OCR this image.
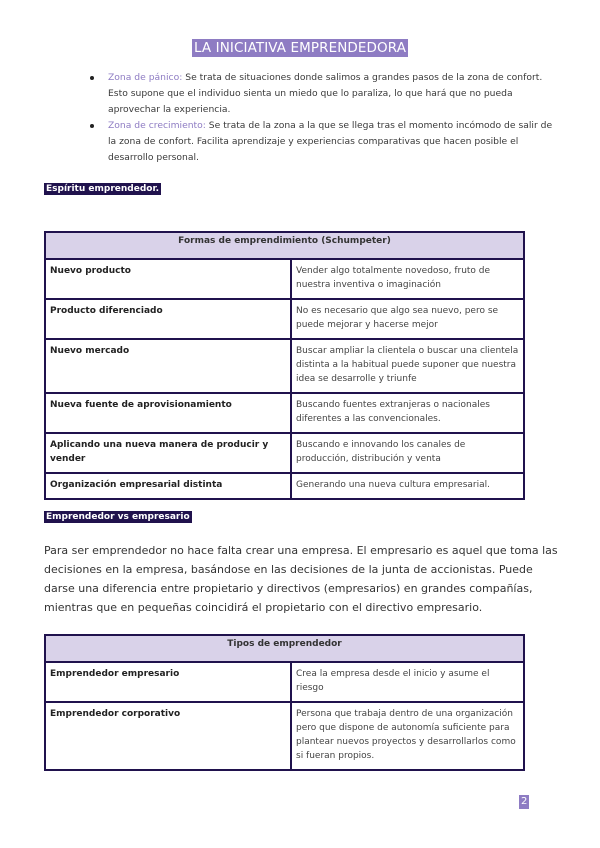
LA INICIATIVA EMPRENDEDORA
Zona de pánico: Se trata de situaciones donde salimos a grandes pasos de la zona de confort. Esto supone que el individuo sienta un miedo que lo paraliza, lo que hará que no pueda aprovechar la experiencia.
Zona de crecimiento: Se trata de la zona a la que se llega tras el momento incómodo de salir de la zona de confort. Facilita aprendizaje y experiencias comparativas que hacen posible el desarrollo personal.
Espíritu emprendedor.
Formas de emprendimiento (Schumpeter)	
Nuevo producto	Vender algo totalmente novedoso, fruto de nuestra inventiva o imaginación
Producto diferenciado	No es necesario que algo sea nuevo, pero se puede mejorar y hacerse mejor
Nuevo mercado	Buscar ampliar la clientela o buscar una clientela distinta a la habitual puede suponer que nuestra idea se desarrolle y triunfe
Nueva fuente de aprovisionamiento	Buscando fuentes extranjeras o nacionales diferentes a las convencionales.
Aplicando una nueva manera de producir y vender	Buscando e innovando los canales de producción, distribución y venta
Organización empresarial distinta	Generando una nueva cultura empresarial.
Emprendedor vs empresario
Para ser emprendedor no hace falta crear una empresa. El empresario es aquel que toma las decisiones en la empresa, basándose en las decisiones de la junta de accionistas. Puede darse una diferencia entre propietario y directivos (empresarios) en grandes compañías, mientras que en pequeñas coincidirá el propietario con el directivo empresario.
Tipos de emprendedor	
Emprendedor empresario	Crea la empresa desde el inicio y asume el riesgo
Emprendedor corporativo	Persona que trabaja dentro de una organización pero que dispone de autonomía suficiente para plantear nuevos proyectos y desarrollarlos como si fueran propios.
2
